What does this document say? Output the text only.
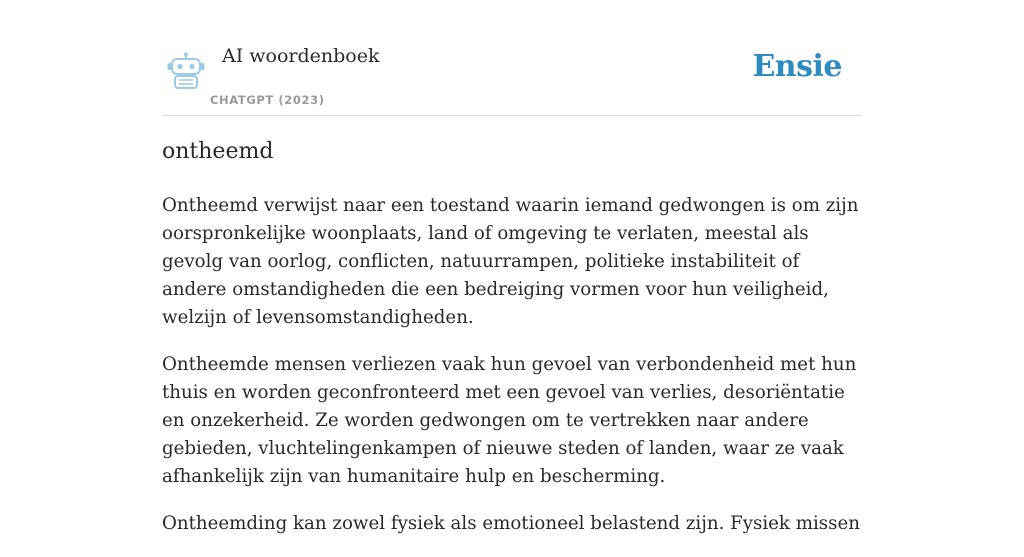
AI woordenboek
CHATGPT (2023)
Ensie
ontheemd

Ontheemd verwijst naar een toestand waarin iemand gedwongen is om zijn oorspronkelijke woonplaats, land of omgeving te verlaten, meestal als gevolg van oorlog, conflicten, natuurrampen, politieke instabiliteit of andere omstandigheden die een bedreiging vormen voor hun veiligheid, welzijn of levensomstandigheden.

Ontheemde mensen verliezen vaak hun gevoel van verbondenheid met hun thuis en worden geconfronteerd met een gevoel van verlies, desoriëntatie en onzekerheid. Ze worden gedwongen om te vertrekken naar andere gebieden, vluchtelingenkampen of nieuwe steden of landen, waar ze vaak afhankelijk zijn van humanitaire hulp en bescherming.

Ontheemding kan zowel fysiek als emotioneel belastend zijn. Fysiek missen
